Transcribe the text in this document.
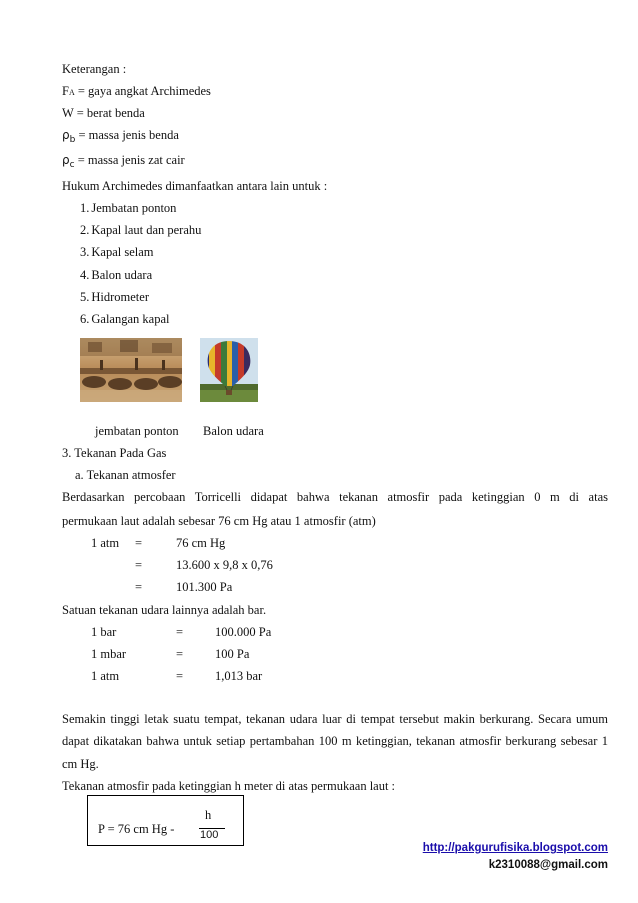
Keterangan :
FA = gaya angkat Archimedes
W = berat benda
$\rho_b$ = massa jenis benda
$\rho_c$ = massa jenis zat cair
Hukum Archimedes dimanfaatkan antara lain untuk :
1. Jembatan ponton
2. Kapal laut dan perahu
3. Kapal selam
4. Balon udara
5. Hidrometer
6. Galangan kapal
jembatan ponton Balon udara
3. Tekanan Pada Gas
a. Tekanan atmosfer
Berdasarkan percobaan Torricelli didapat bahwa tekanan atmosfir pada ketinggian 0 m di atas
permukaan laut adalah sebesar 76 cm Hg atau 1 atmosfir (atm)
1 atm =	76 cm Hg
=	13.600 x 9,8 x 0,76
=	101.300 Pa
Satuan tekanan udara lainnya adalah bar.
1 bar	=	100.000 Pa
1 mbar	=	100 Pa
1 atm	=	1,013 bar
Semakin tinggi letak suatu tempat, tekanan udara luar di tempat tersebut makin berkurang. Secara umum
dapat dikatakan bahwa untuk setiap pertambahan 100 m ketinggian, tekanan atmosfir berkurang sebesar 1
cm Hg.
Tekanan atmosfir pada ketinggian h meter di atas permukaan laut :
P = 76 cm Hg -
h
100
http://pakgurufisika.blogspot.com
k2310088@gmail.com
